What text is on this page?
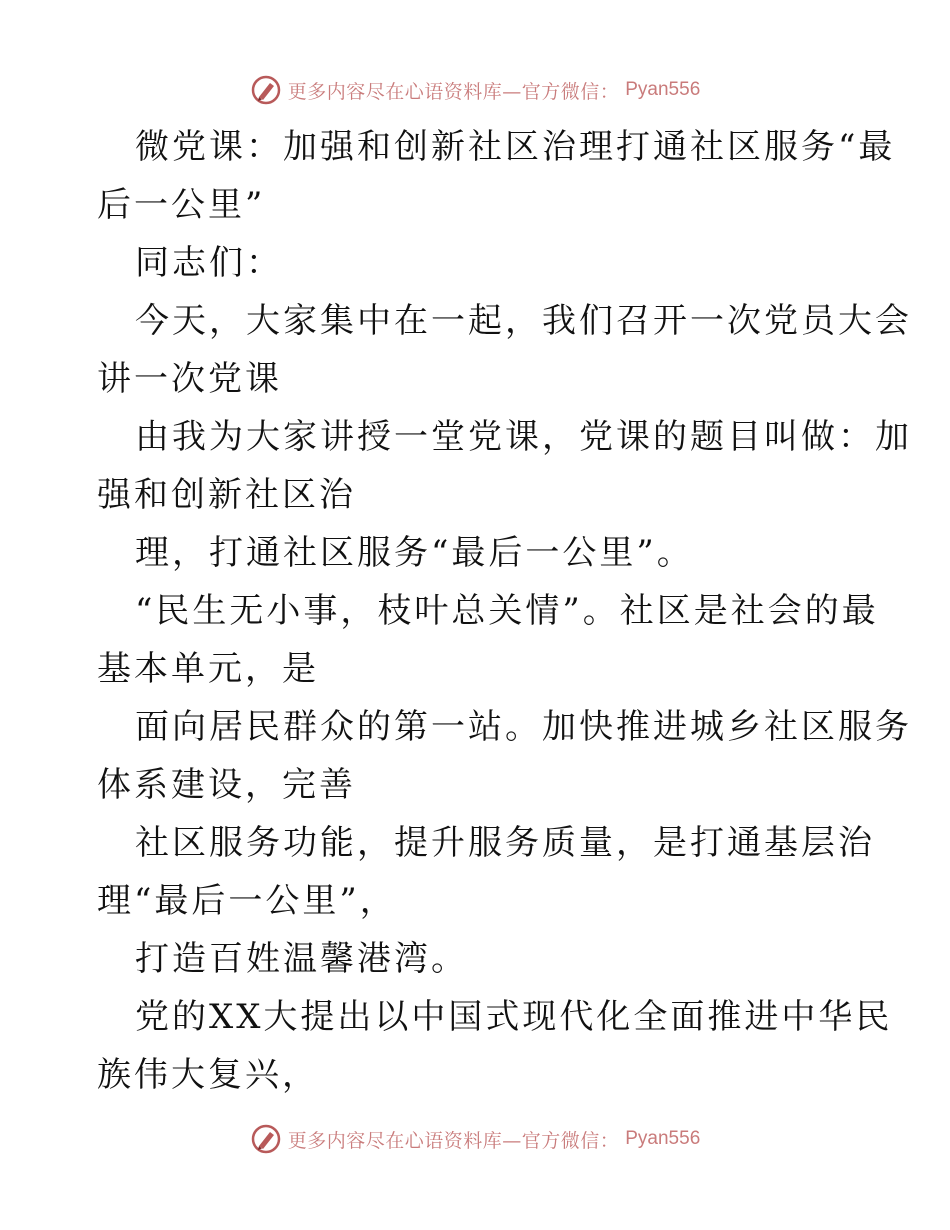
更多内容尽在心语资料库—官方微信： Pyan556

微党课：加强和创新社区治理打通社区服务“最

后一公里”

同志们：

今天，大家集中在一起，我们召开一次党员大会

讲一次党课

由我为大家讲授一堂党课，党课的题目叫做：加

强和创新社区治

理，打通社区服务“最后一公里”。

“民生无小事，枝叶总关情”。社区是社会的最

基本单元，是

面向居民群众的第一站。加快推进城乡社区服务

体系建设，完善

社区服务功能，提升服务质量，是打通基层治

理“最后一公里”，

打造百姓温馨港湾。

党的XX大提出以中国式现代化全面推进中华民

族伟大复兴，

更多内容尽在心语资料库—官方微信： Pyan556
